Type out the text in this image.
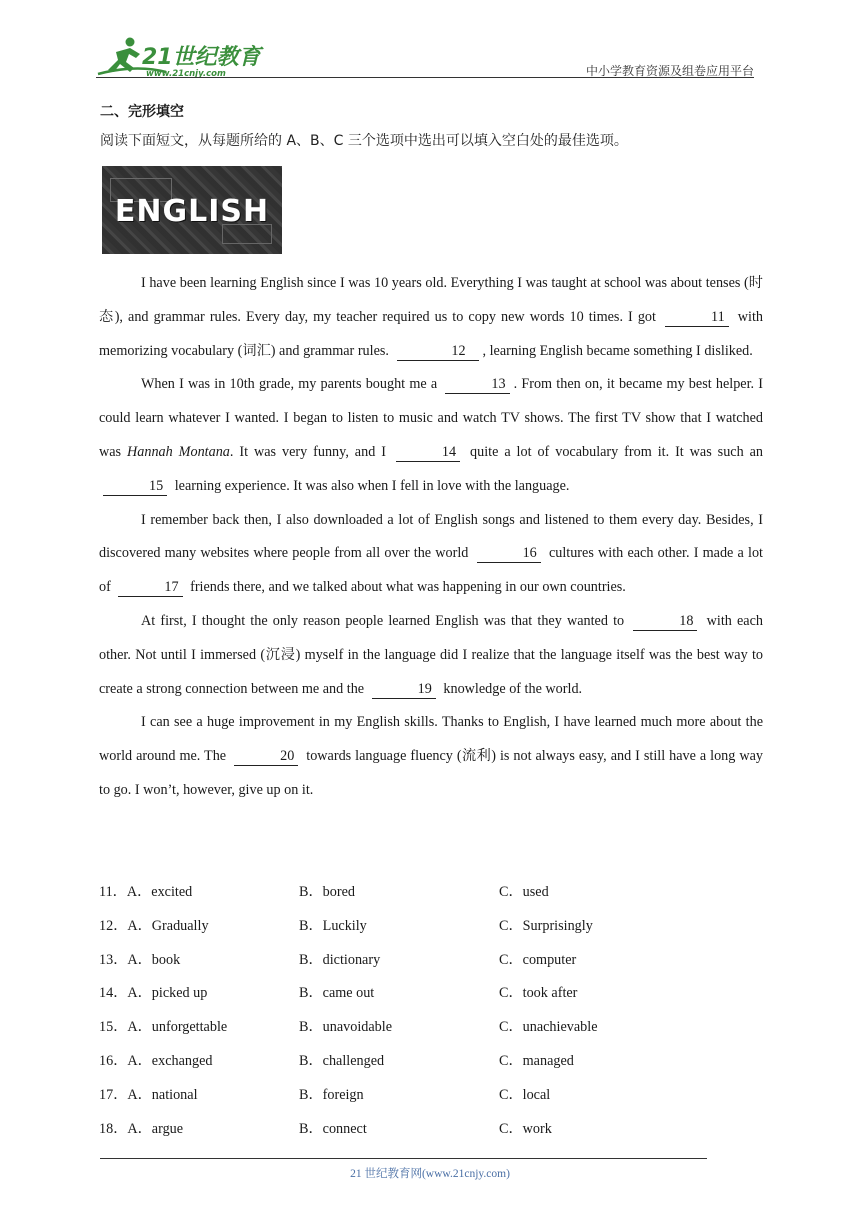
21世纪教育
www.21cnjy.com	中小学教育资源及组卷应用平台
二、完形填空
阅读下面短文，从每题所给的 A、B、C 三个选项中选出可以填入空白处的最佳选项。
ENGLISH

I have been learning English since I was 10 years old. Everything I was taught at school was about tenses (时态), and grammar rules. Every day, my teacher required us to copy new words 10 times. I got	11 with memorizing vocabulary (词汇) and grammar rules.	12 , learning English became something I disliked.

When I was in 10th grade, my parents bought me a	13 . From then on, it became my best helper. I could learn whatever I wanted. I began to listen to music and watch TV shows. The first TV show that I watched was Hannah Montana. It was very funny, and I	14 quite a lot of vocabulary from it. It was such an 15 learning experience. It was also when I fell in love with the language.

I remember back then, I also downloaded a lot of English songs and listened to them every day. Besides, I discovered many websites where people from all over the world	16 cultures with each other. I made a lot of	17 friends there, and we talked about what was happening in our own countries.

At first, I thought the only reason people learned English was that they wanted to	18 with each other. Not until I immersed (沉浸) myself in the language did I realize that the language itself was the best way to create a strong connection between me and the	19 knowledge of the world.

I can see a huge improvement in my English skills. Thanks to English, I have learned much more about the world around me. The	20 towards language fluency (流利) is not always easy, and I still have a long way to go. I won’t, however, give up on it.

11．A．excited	B．bored	C．used
12．A．Gradually	B．Luckily	C．Surprisingly
13．A．book	B．dictionary	C．computer
14．A．picked up	B．came out	C．took after
15．A．unforgettable	B．unavoidable	C．unachievable
16．A．exchanged	B．challenged	C．managed
17．A．national	B．foreign	C．local
18．A．argue	B．connect	C．work
21 世纪教育网(www.21cnjy.com)
